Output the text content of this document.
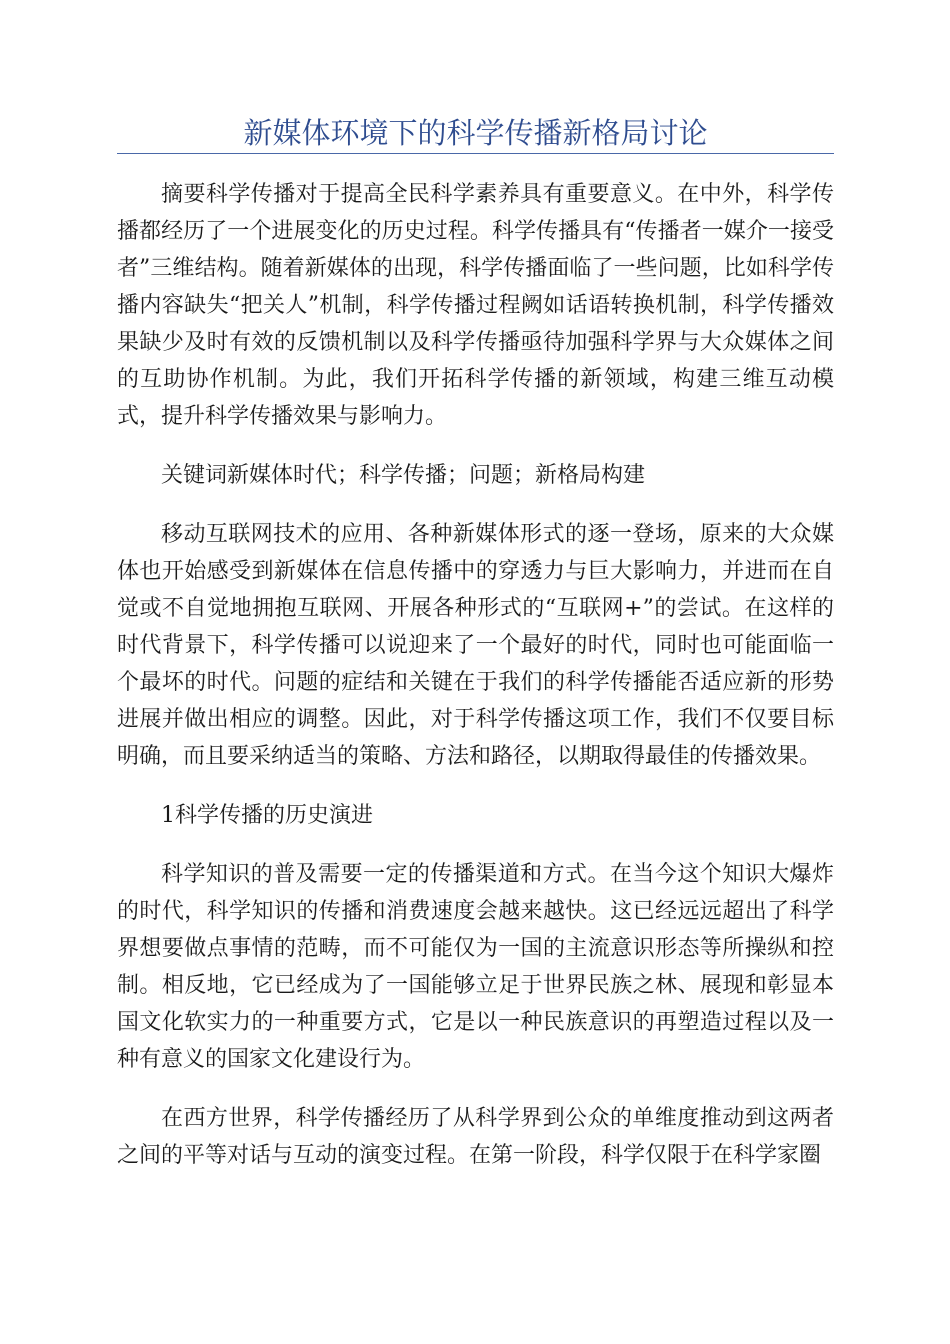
新媒体环境下的科学传播新格局讨论

摘要科学传播对于提高全民科学素养具有重要意义。在中外，科学传播都经历了一个进展变化的历史过程。科学传播具有“传播者一媒介一接受者”三维结构。随着新媒体的出现，科学传播面临了一些问题，比如科学传播内容缺失“把关人”机制，科学传播过程阙如话语转换机制，科学传播效果缺少及时有效的反馈机制以及科学传播亟待加强科学界与大众媒体之间的互助协作机制。为此，我们开拓科学传播的新领域，构建三维互动模式，提升科学传播效果与影响力。

关键词新媒体时代；科学传播；问题；新格局构建

移动互联网技术的应用、各种新媒体形式的逐一登场，原来的大众媒体也开始感受到新媒体在信息传播中的穿透力与巨大影响力，并进而在自觉或不自觉地拥抱互联网、开展各种形式的“互联网+”的尝试。在这样的时代背景下，科学传播可以说迎来了一个最好的时代，同时也可能面临一个最坏的时代。问题的症结和关键在于我们的科学传播能否适应新的形势进展并做出相应的调整。因此，对于科学传播这项工作，我们不仅要目标明确，而且要采纳适当的策略、方法和路径，以期取得最佳的传播效果。

1科学传播的历史演进

科学知识的普及需要一定的传播渠道和方式。在当今这个知识大爆炸的时代，科学知识的传播和消费速度会越来越快。这已经远远超出了科学界想要做点事情的范畴，而不可能仅为一国的主流意识形态等所操纵和控制。相反地，它已经成为了一国能够立足于世界民族之林、展现和彰显本国文化软实力的一种重要方式，它是以一种民族意识的再塑造过程以及一种有意义的国家文化建设行为。

在西方世界，科学传播经历了从科学界到公众的单维度推动到这两者之间的平等对话与互动的演变过程。在第一阶段，科学仅限于在科学家圈
